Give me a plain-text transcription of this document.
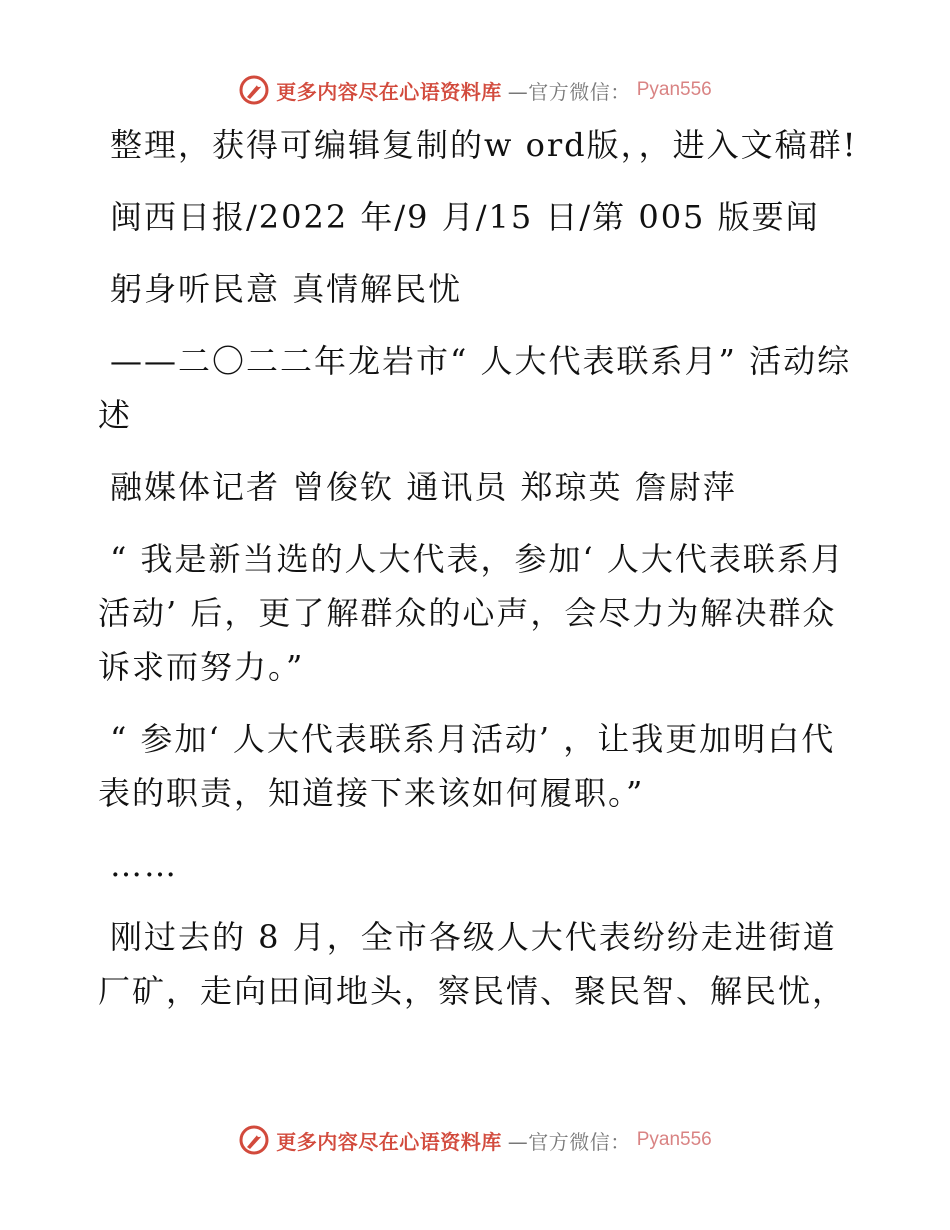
更多内容尽在心语资料库 —官方微信： Pyan556

整理，获得可编辑复制的w ord版，，进入文稿群!

闽西日报/2022 年/9 月/15 日/第 005 版要闻

躬身听民意 真情解民忧

——二〇二二年龙岩市“ 人大代表联系月” 活动综述

融媒体记者 曾俊钦 通讯员 郑琼英 詹尉萍

“ 我是新当选的人大代表，参加‘ 人大代表联系月活动’ 后，更了解群众的心声，会尽力为解决群众诉求而努力。”

“ 参加‘ 人大代表联系月活动’ ，让我更加明白代表的职责，知道接下来该如何履职。”

……

刚过去的 8 月，全市各级人大代表纷纷走进街道厂矿，走向田间地头，察民情、聚民智、解民忧，

更多内容尽在心语资料库 —官方微信： Pyan556
